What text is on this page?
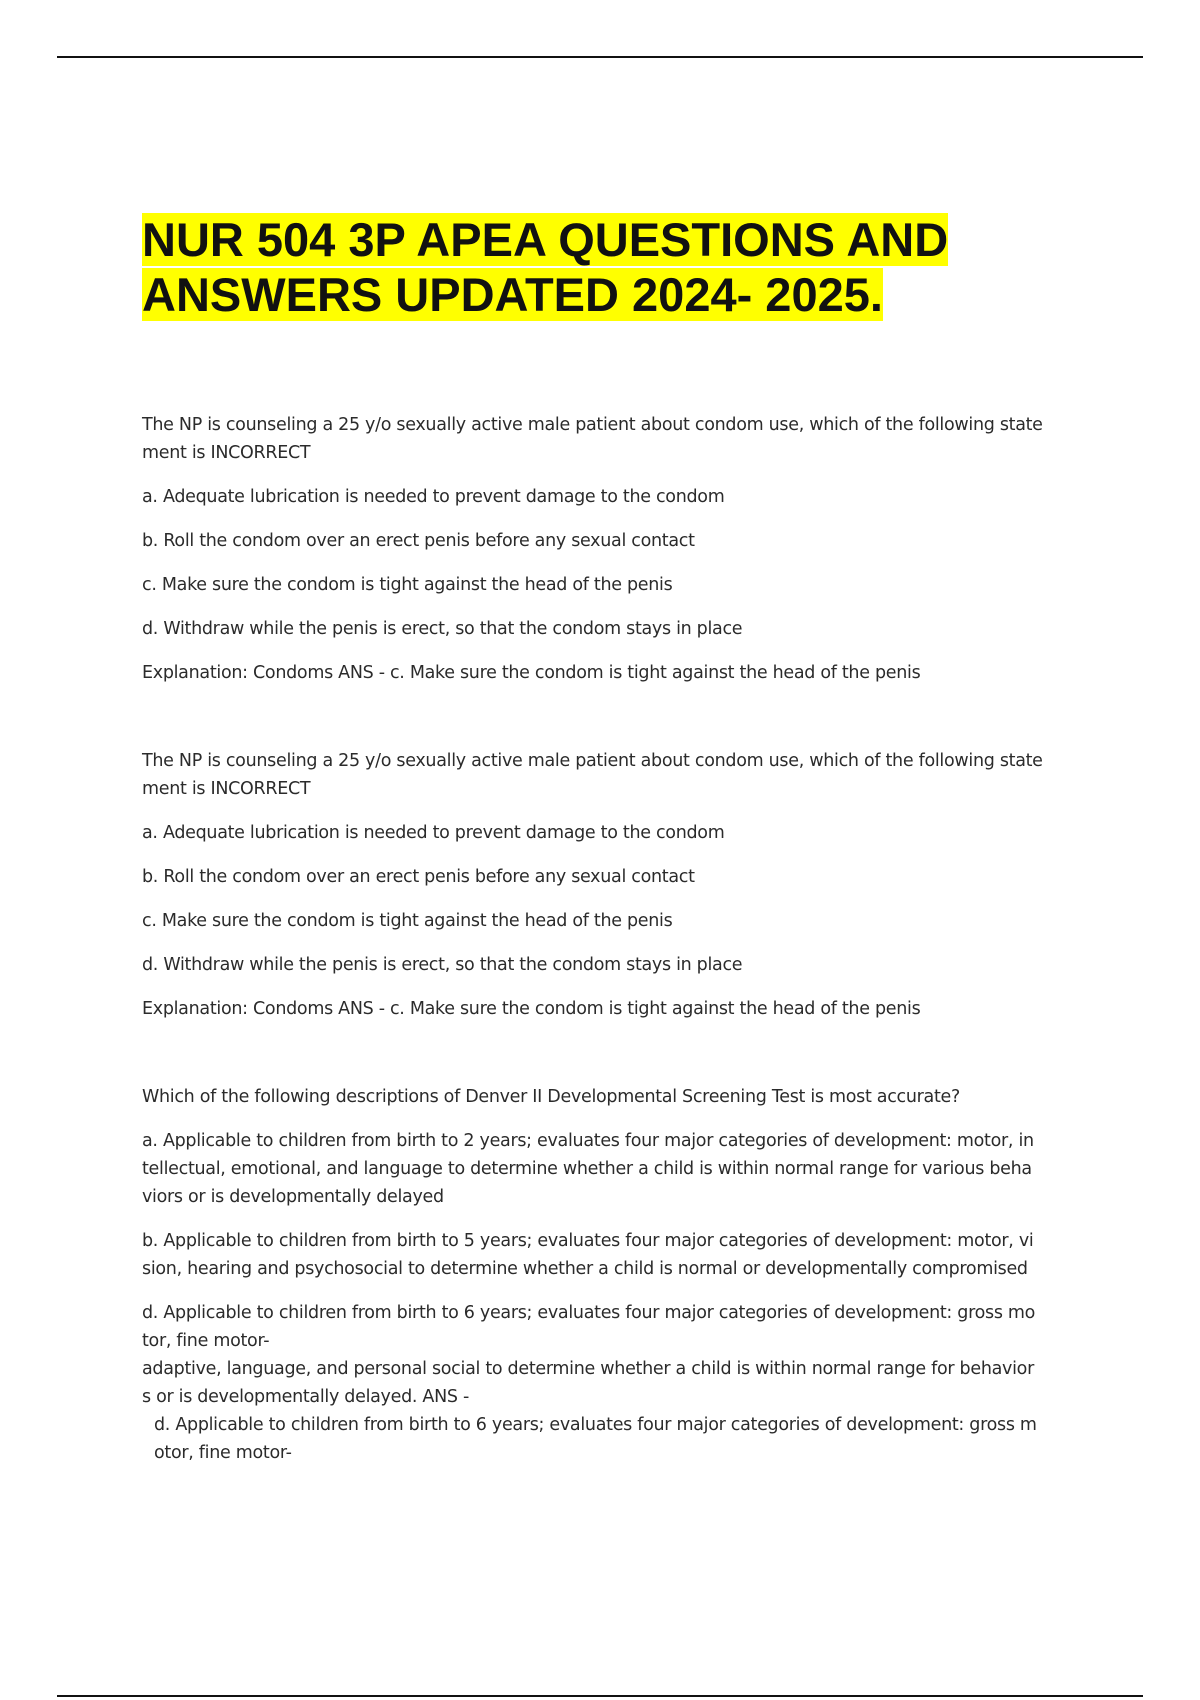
NUR 504 3P APEA QUESTIONS AND
ANSWERS UPDATED 2024- 2025.

The NP is counseling a 25 y/o sexually active male patient about condom use, which of the following state
ment is INCORRECT

a. Adequate lubrication is needed to prevent damage to the condom

b. Roll the condom over an erect penis before any sexual contact

c. Make sure the condom is tight against the head of the penis

d. Withdraw while the penis is erect, so that the condom stays in place

Explanation: Condoms ANS - c. Make sure the condom is tight against the head of the penis

The NP is counseling a 25 y/o sexually active male patient about condom use, which of the following state
ment is INCORRECT

a. Adequate lubrication is needed to prevent damage to the condom

b. Roll the condom over an erect penis before any sexual contact

c. Make sure the condom is tight against the head of the penis

d. Withdraw while the penis is erect, so that the condom stays in place

Explanation: Condoms ANS - c. Make sure the condom is tight against the head of the penis

Which of the following descriptions of Denver II Developmental Screening Test is most accurate?

a. Applicable to children from birth to 2 years; evaluates four major categories of development: motor, in
tellectual, emotional, and language to determine whether a child is within normal range for various beha
viors or is developmentally delayed

b. Applicable to children from birth to 5 years; evaluates four major categories of development: motor, vi
sion, hearing and psychosocial to determine whether a child is normal or developmentally compromised

d. Applicable to children from birth to 6 years; evaluates four major categories of development: gross mo
tor, fine motor-
adaptive, language, and personal social to determine whether a child is within normal range for behavior
s or is developmentally delayed. ANS -

d. Applicable to children from birth to 6 years; evaluates four major categories of development: gross m
otor, fine motor-
